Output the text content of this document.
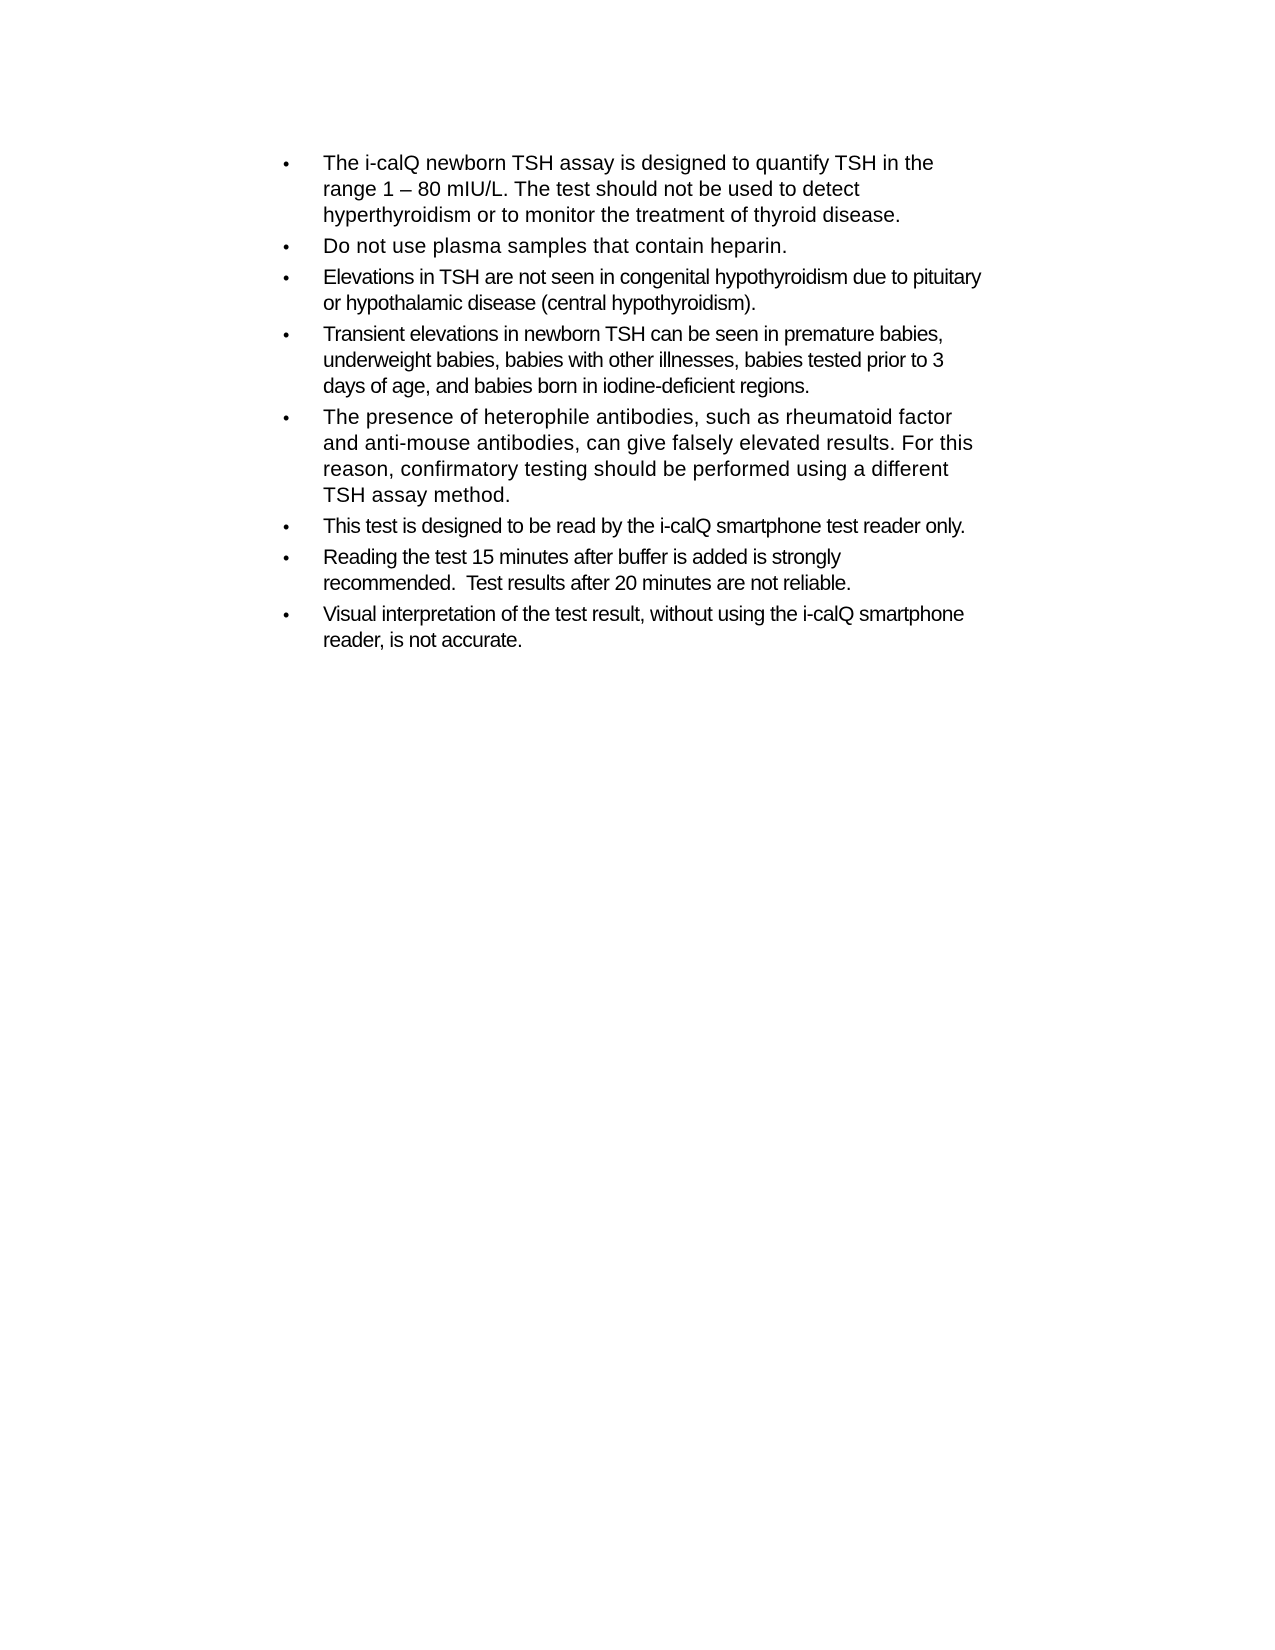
•	The i-calQ newborn TSH assay is designed to quantify TSH in the
range 1 – 80 mIU/L. The test should not be used to detect
hyperthyroidism or to monitor the treatment of thyroid disease.
•	Do not use plasma samples that contain heparin.
•	Elevations in TSH are not seen in congenital hypothyroidism due to pituitary
or hypothalamic disease (central hypothyroidism).
•	Transient elevations in newborn TSH can be seen in premature babies,
underweight babies, babies with other illnesses, babies tested prior to 3
days of age, and babies born in iodine-deficient regions.
•	The presence of heterophile antibodies, such as rheumatoid factor
and anti-mouse antibodies, can give falsely elevated results. For this
reason, confirmatory testing should be performed using a different
TSH assay method.
•	This test is designed to be read by the i-calQ smartphone test reader only.
•	Reading the test 15 minutes after buffer is added is strongly
recommended.  Test results after 20 minutes are not reliable.
•	Visual interpretation of the test result, without using the i-calQ smartphone
reader, is not accurate.
